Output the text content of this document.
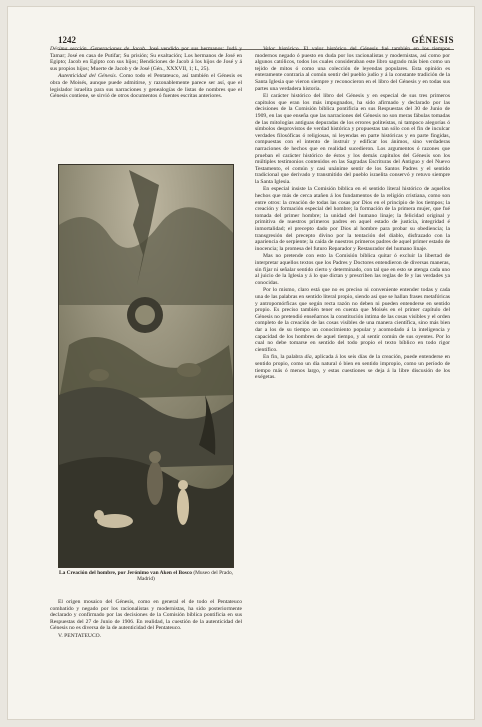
1242	GÉNESIS

Décima sección. Generaciones de Jacob. José vendido por sus hermanos: Judá y Tamar; José en casa de Putifar; Su prisión; Su exaltación; Los hermanos de José en Egipto; Jacob en Egipto con sus hijos; Bendiciones de Jacob á los hijos de José y á sus propios hijos; Muerte de Jacob y de José (Gén., XXXVII, 1; L, 25).

Autenticidad del Génesis. Como todo el Pentateuco, así también el Génesis es obra de Moisés, aunque puede admitirse, y razonablemente parece ser así, que el legislador israelita para sus narraciones y genealogías de listas de nombres que el Génesis contiene, se sirvió de otros documentos ó fuentes escritas anteriores.

La Creación del hombre, por Jerónimo van Aken el Bosco (Museo del Prado, Madrid)

El origen mosaico del Génesis, como en general el de todo el Pentateuco combatido y negado por los racionalistas y modernistas, ha sido posteriormente declarado y confirmado por las decisiones de la Comisión bíblica pontificia en sus Respuestas del 27 de Junio de 1906. En realidad, la cuestión de la autenticidad del Génesis no es diversa de la de autenticidad del Pentateuco.

V. PENTATEUCO.

Valor histórico. El valor histórico del Génesis fué también en los tiempos modernos negado ó puesto en duda por los racionalistas y modernistas, así como por algunos católicos, todos los cuales consideraban este libro sagrado más bien como un tejido de mitos ó como una colección de leyendas populares. Esta opinión es enteramente contraria al común sentir del pueblo judío y á la constante tradición de la Santa Iglesia que vieron siempre y reconocieron en el libro del Génesis y en todas sus partes una verdadera historia.

El carácter histórico del libro del Génesis y en especial de sus tres primeros capítulos que eran los más impugnados, ha sido afirmado y declarado por las decisiones de la Comisión bíblica pontificia en sus Respuestas del 30 de Junio de 1909, en las que enseña que las narraciones del Génesis no son meras fábulas tomadas de las mitologías antiguas depuradas de los errores politeístas, ni tampoco alegorías ó símbolos desprovistos de verdad histórica y propuestas tan sólo con el fin de inculcar verdades filosóficas ó religiosas, ni leyendas en parte históricas y en parte fingidas, compuestas con el intento de instruir y edificar los ánimos, sino verdaderas narraciones de hechos que en realidad sucedieron. Los argumentos ó razones que prueban el carácter histórico de éstos y los demás capítulos del Génesis son los múltiples testimonios contenidos en las Sagradas Escrituras del Antiguo y del Nuevo Testamento, el común y casi unánime sentir de los Santos Padres y el sentido tradicional que derivado y transmitido del pueblo israelita conservó y retuvo siempre la Santa Iglesia.

En especial insiste la Comisión bíblica en el sentido literal histórico de aquellos hechos que más de cerca atañen á los fundamentos de la religión cristiana, como son entre otros: la creación de todas las cosas por Dios en el principio de los tiempos; la creación y formación especial del hombre; la formación de la primera mujer, que fué tomada del primer hombre; la unidad del humano linaje; la felicidad original y primitiva de nuestros primeros padres en aquel estado de justicia, integridad é inmortalidad; el precepto dado por Dios al hombre para probar su obediencia; la transgresión del precepto divino por la tentación del diablo, disfrazado con la apariencia de serpiente; la caída de nuestros primeros padres de aquel primer estado de inocencia; la promesa del futuro Reparador y Restaurador del humano linaje.

Mas no pretende con esto la Comisión bíblica quitar ó excluir la libertad de interpretar aquellos textos que los Padres y Doctores entendieron de diversas maneras, sin fijar ni señalar sentido cierto y determinado, con tal que en esto se atenga cada uno al juicio de la Iglesia y á lo que dictan y prescriben las reglas de fe y las verdades ya conocidas.

Por lo mismo, claro está que no es preciso ni conveniente entender todas y cada una de las palabras en sentido literal propio, siendo así que se hallan frases metafóricas y antropomórficas que según recta razón no deben ni pueden entenderse en sentido propio. Es preciso también tener en cuenta que Moisés en el primer capítulo del Génesis no pretendió enseñarnos la constitución íntima de las cosas visibles y el orden completo de la creación de las cosas visibles de una manera científica, sino más bien dar a los de su tiempo un conocimiento popular y acomodado á la inteligencia y capacidad de los hombres de aquel tiempo, y al sentir común de sus oyentes. Por lo cual no debe tomarse en sentido del todo propio el texto bíblico en todo rigor científico.

En fin, la palabra día, aplicada á los seis días de la creación, puede entenderse en sentido propio, como un día natural ó bien en sentido impropio, como un período de tiempo más ó menos largo, y estas cuestiones se deja á la libre discusión de los exégetas.
